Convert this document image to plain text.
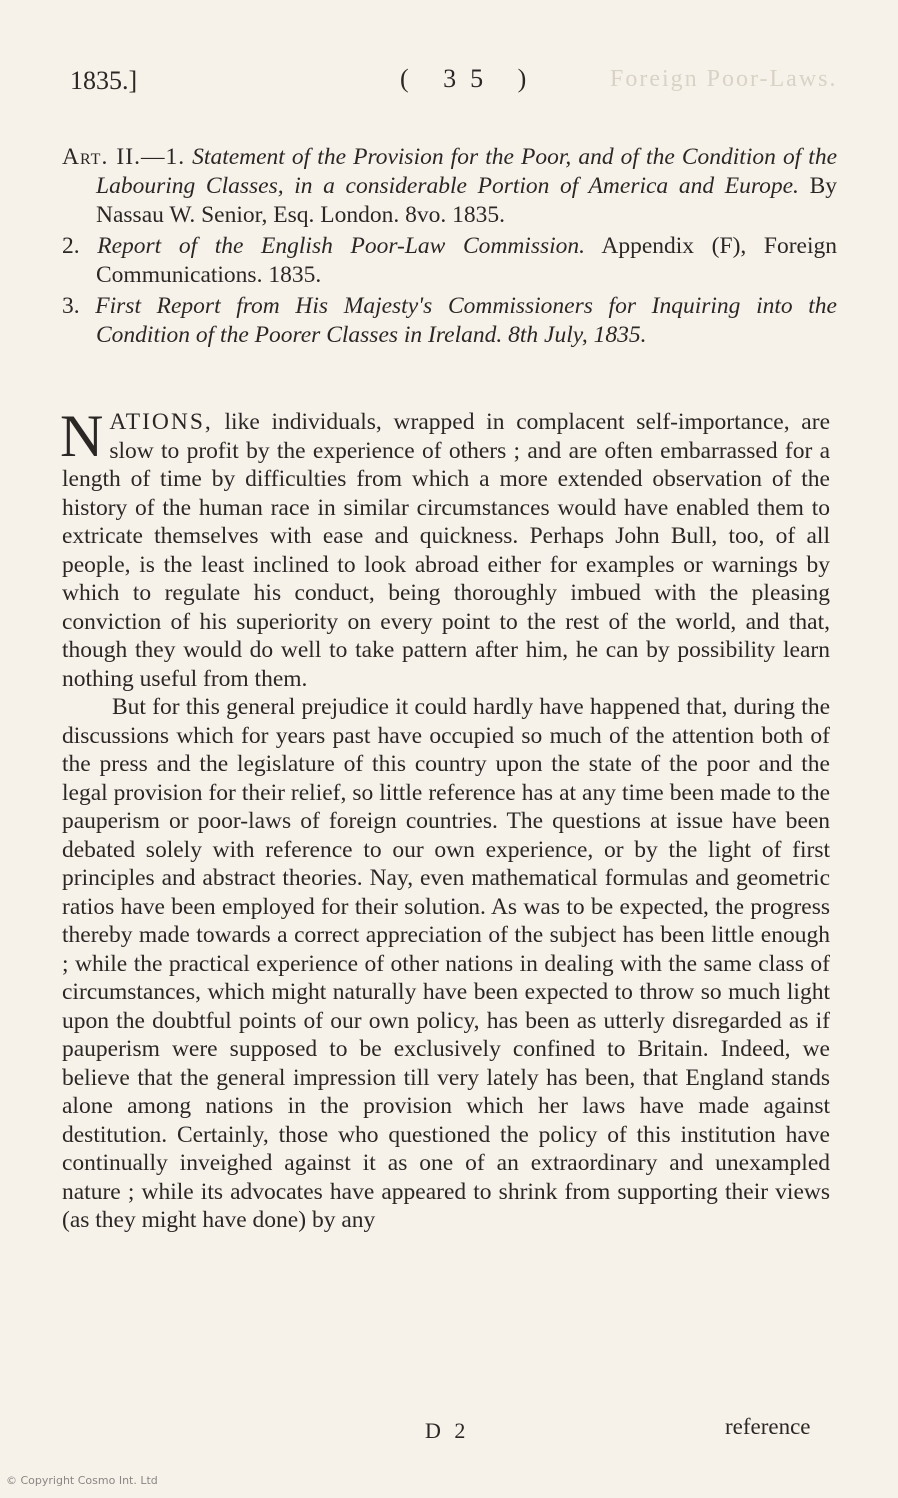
1835.]	( 35 )	Foreign Poor-Laws.

Art. II.—1. Statement of the Provision for the Poor, and of the Condition of the Labouring Classes, in a considerable Portion of America and Europe. By Nassau W. Senior, Esq. London. 8vo. 1835.

2. Report of the English Poor-Law Commission. Appendix (F), Foreign Communications. 1835.

3. First Report from His Majesty's Commissioners for Inquiring into the Condition of the Poorer Classes in Ireland. 8th July, 1835.

NATIONS, like individuals, wrapped in complacent self-importance, are slow to profit by the experience of others ; and are often embarrassed for a length of time by difficulties from which a more extended observation of the history of the human race in similar circumstances would have enabled them to extricate themselves with ease and quickness. Perhaps John Bull, too, of all people, is the least inclined to look abroad either for examples or warnings by which to regulate his conduct, being thoroughly imbued with the pleasing conviction of his superiority on every point to the rest of the world, and that, though they would do well to take pattern after him, he can by possibility learn nothing useful from them.

But for this general prejudice it could hardly have happened that, during the discussions which for years past have occupied so much of the attention both of the press and the legislature of this country upon the state of the poor and the legal provision for their relief, so little reference has at any time been made to the pauperism or poor-laws of foreign countries. The questions at issue have been debated solely with reference to our own experience, or by the light of first principles and abstract theories. Nay, even mathematical formulas and geometric ratios have been employed for their solution. As was to be expected, the progress thereby made towards a correct appreciation of the subject has been little enough ; while the practical experience of other nations in dealing with the same class of circumstances, which might naturally have been expected to throw so much light upon the doubtful points of our own policy, has been as utterly disregarded as if pauperism were supposed to be exclusively confined to Britain. Indeed, we believe that the general impression till very lately has been, that England stands alone among nations in the provision which her laws have made against destitution. Certainly, those who questioned the policy of this institution have continually inveighed against it as one of an extraordinary and unexampled nature ; while its advocates have appeared to shrink from supporting their views (as they might have done) by any

D 2	reference
© Copyright Cosmo Int. Ltd
